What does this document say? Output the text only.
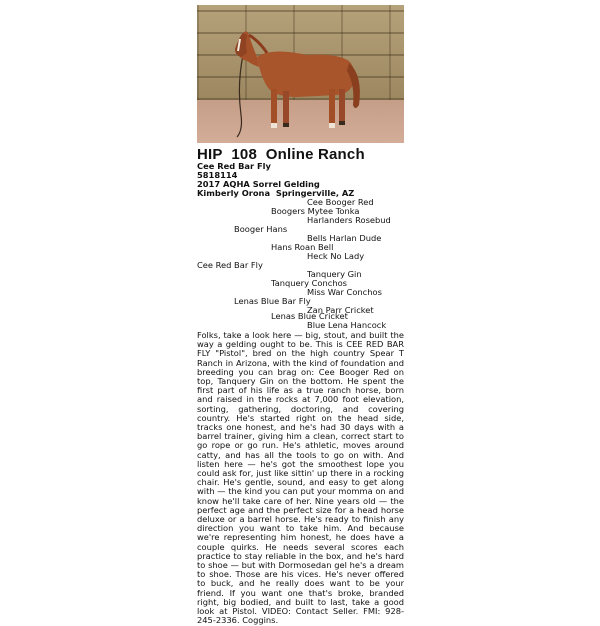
HIP 108 Online Ranch
Cee Red Bar Fly
5818114
2017 AQHA Sorrel Gelding
Kimberly Orona Springerville, AZ
Cee Booger Red
Boogers Mytee Tonka
Harlanders Rosebud
Booger Hans
Bells Harlan Dude
Hans Roan Bell
Heck No Lady
Cee Red Bar Fly
Tanquery Gin
Tanquery Conchos
Miss War Conchos
Lenas Blue Bar Fly
Zan Parr Cricket
Lenas Blue Cricket
Blue Lena Hancock
Folks, take a look here — big, stout, and built the way a gelding ought to be. This is CEE RED BAR FLY "Pistol", bred on the high country Spear T Ranch in Arizona, with the kind of foundation and breeding you can brag on: Cee Booger Red on top, Tanquery Gin on the bottom. He spent the first part of his life as a true ranch horse, born and raised in the rocks at 7,000 foot elevation, sorting, gathering, doctoring, and covering country. He's started right on the head side, tracks one honest, and he's had 30 days with a barrel trainer, giving him a clean, correct start to go rope or go run. He's athletic, moves around catty, and has all the tools to go on with. And listen here — he's got the smoothest lope you could ask for, just like sittin' up there in a rocking chair. He's gentle, sound, and easy to get along with — the kind you can put your momma on and know he'll take care of her. Nine years old — the perfect age and the perfect size for a head horse deluxe or a barrel horse. He's ready to finish any direction you want to take him. And because we're representing him honest, he does have a couple quirks. He needs several scores each practice to stay reliable in the box, and he's hard to shoe — but with Dormosedan gel he's a dream to shoe. Those are his vices. He's never offered to buck, and he really does want to be your friend. If you want one that's broke, branded right, big bodied, and built to last, take a good look at Pistol. VIDEO: Contact Seller. FMI: 928-245-2336. Coggins.
